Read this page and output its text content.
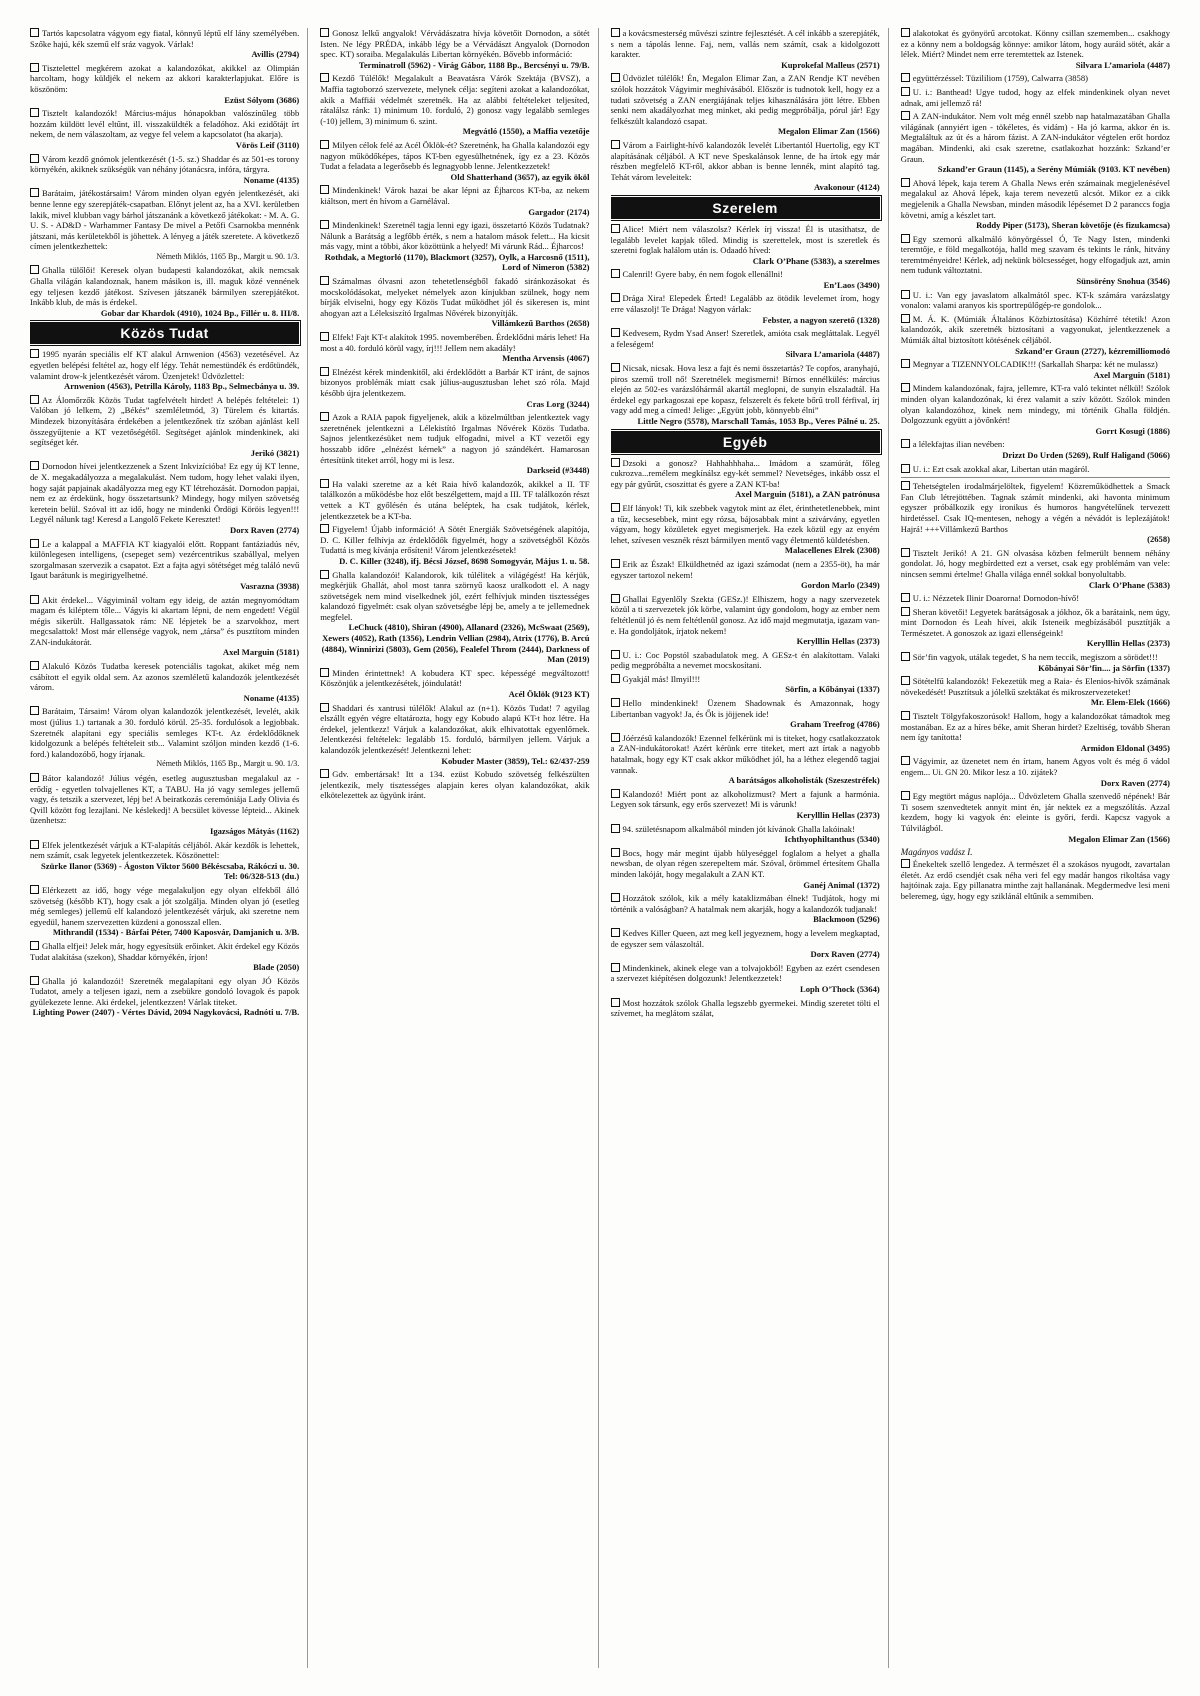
Tartós kapcsolatra vágyom egy fiatal, könnyű léptű elf lány személyében. Szőke hajú, kék szemű elf sráz vagyok. Várlak!
Avillis (2794)
Tisztelettel megkérem azokat a kalandozókat, akikkel az Olimpián harcoltam, hogy küldjék el nekem az akkori karakterlapjukat. Előre is köszönöm:
Ezüst Sólyom (3686)
Tisztelt kalandozók! Március-május hónapokban valószínűleg több hozzám küldött levél eltűnt, ill. visszaküldték a feladóhoz. Aki ezidőtájt írt nekem, de nem válaszoltam, az vegye fel velem a kapcsolatot (ha akarja).
Vörös Leif (3110)
Várom kezdő gnómok jelentkezését (1-5. sz.) Shaddar és az 501-es torony környékén, akiknek szükségük van néhány jótanácsra, infóra, tárgyra.
Noname (4135)
Barátaim, játékostársaim! Várom minden olyan egyén jelentkezését, aki benne lenne egy szerepjáték-csapatban. Előnyt jelent az, ha a XVI. kerületben lakik, mivel klubban vagy bárhol játszanánk a következő játékokat: - M. A. G. U. S. - AD&D - Warhammer Fantasy De mivel a Petőfi Csarnokba mennénk játszani, más kerületekből is jöhettek. A lényeg a játék szeretete. A következő címen jelentkezhettek:
Németh Miklós, 1165 Bp., Margit u. 90. 1/3.
Ghalla tülőlői! Keresek olyan budapesti kalandozókat, akik nemcsak Ghalla világán kalandoznak, hanem másikon is, ill. maguk közé vennének egy teljesen kezdő játékost. Szívesen játszanék bármilyen szerepjátékot. Inkább klub, de más is érdekel.
Gobar dar Khardok (4910), 1024 Bp., Fillér u. 8. III/8.
Közös Tudat
1995 nyarán speciális elf KT alakul Arnwenion (4563) vezetésével. Az egyetlen belépési feltétel az, hogy elf légy. Tehát nemestündék és erdőtündék, valamint drow-k jelentkezését várom. Üzenjetek! Üdvözlettel:
Arnwenion (4563), Petrilla Károly, 1183 Bp., Selmecbánya u. 39.
Az Álomőrzők Közös Tudat tagfelvételt hirdet! A belépés feltételei: 1) Valóban jó lelkem, 2) „Békés” szemléletmód, 3) Türelem és kitartás. Mindezek bizonyítására érdekében a jelentkezőnek tíz szóban ajánlást kell összegyűjtenie a KT vezetőségétől. Segítséget ajánlok mindenkinek, aki segítséget kér.
Jerikó (3821)
Dornodon hívei jelentkezzenek a Szent Inkvizícióba! Ez egy új KT lenne, de X. megakadályozza a megalakulást. Nem tudom, hogy lehet valaki ilyen, hogy saját papjainak akadályozza meg egy KT létrehozását. Dornodon papjai, nem ez az érdekünk, hogy összetartsunk? Mindegy, hogy milyen szövetség keretein belül. Szóval itt az idő, hogy ne mindenki Ördögi Köröis legyen!!! Legyél nálunk tag! Keresd a Langolő Fekete Keresztet!
Dorx Raven (2774)
Le a kalappal a MAFFIA KT kiagyalói előtt. Roppant fantáziadús név, különlegesen intelligens, (csepeget sem) vezércentrikus szabállyal, melyen szorgalmasan szervezik a csapatot. Ezt a fajta agyi sötétséget még találó nevű Igaut barátunk is megirigyelhetné.
Vasrazna (3938)
Akit érdekel... Vágyiminál voltam egy ideig, de aztán megnyomódtam magam és kiléptem tőle... Vágyis ki akartam lépni, de nem engedett! Végül mégis sikerült. Hallgassatok rám: NE lépjetek be a szarvokhoz, mert megcsalattok! Most már ellensége vagyok, nem „társa” és pusztítom minden ZAN-indukátorát.
Axel Marguin (5181)
Alakuló Közös Tudatba keresek potenciális tagokat, akiket még nem csábított el egyik oldal sem. Az azonos szemléletű kalandozók jelentkezését várom.
Noname (4135)
Barátaim, Társaim! Várom olyan kalandozók jelentkezését, levelét, akik most (július 1.) tartanak a 30. forduló körül. 25-35. fordulósok a legjobbak. Szeretnék alapítani egy speciális semleges KT-t. Az érdeklődőknek kidolgozunk a belépés feltételeit stb... Valamint szóljon minden kezdő (1-6. ford.) kalandozóbő, hogy írjanak.
Németh Miklós, 1165 Bp., Margit u. 90. 1/3.
Bátor kalandozó! Július végén, esetleg augusztusban megalakul az - erődíg - egyetlen tolvajellenes KT, a TABU. Ha jó vagy semleges jellemű vagy, és tetszik a szervezet, lépj be! A beiratkozás ceremóniája Lady Olivia és Qvill között fog lezajlani. Ne késlekedj! A becsület kövesse lépteid... Akinek üzenhetsz:
Igazságos Mátyás (1162)
Elfek jelentkezését várjuk a KT-alapítás céljából. Akár kezdők is lehettek, nem számít, csak legyetek jelentkezzetek. Köszönettel:
Szürke Ilanor (5369) - Ágoston Viktor 5600 Békéscsaba, Rákóczi u. 30. Tel: 06/328-513 (du.)
Elérkezett az idő, hogy vége megalakuljon egy olyan elfekből álló szövetség (később KT), hogy csak a jót szolgálja. Minden olyan jó (esetleg még semleges) jellemű elf kalandozó jelentkezését várjuk, aki szeretne nem egyedül, hanem szervezetten küzdeni a gonosszal ellen.
Mithrandil (1534) - Bárfai Péter, 7400 Kaposvár, Damjanich u. 3/B.
Ghalla elfjei! Jelek már, hogy egyesítsük erőinket. Akit érdekel egy Közös Tudat alakítása (szekon), Shaddar környékén, írjon!
Blade (2050)
Ghalla jó kalandozói! Szeretnék megalapítani egy olyan JÓ Közös Tudatot, amely a teljesen igazi, nem a zsebükre gondoló lovagok és papok gyülekezete lenne. Aki érdekel, jelentkezzen! Várlak titeket.
Lighting Power (2407) - Vértes Dávid, 2094 Nagykovácsi, Radnóti u. 7/B.
Gonosz lelkű angyalok! Vérvádászatra hívja követőit Dornodon, a sötét Isten. Ne légy PRÉDA, inkább légy be a Vérvádászt Angyalok (Dornodon spec. KT) soraiba. Megalakulás Libertan környékén. Bővebb információ:
Terminatroll (5962) - Virág Gábor, 1188 Bp., Bercsényi u. 79/B.
Kezdő Túlélők! Megalakult a Beavatásra Várók Szektája (BVSZ), a Maffia tagtoborzó szervezete, melynek célja: segíteni azokat a kalandozókat, akik a Maffiái védelmét szeretnék. Ha az alábbi feltételeket teljesíted, rátalálsz ránk: 1) minimum 10. forduló, 2) gonosz vagy legalább semleges (-10) jellem, 3) minimum 6. szint.
Megvátló (1550), a Maffia vezetője
Milyen célok felé az Acél Öklök-ét? Szeretnénk, ha Ghalla kalandozói egy nagyon működőképes, tápos KT-ben egyesülhetnének, így ez a 23. Közös Tudat a feladata a legerősebb és legnagyobb lenne. Jelentkezzetek!
Old Shatterhand (3657), az egyik ököl
Mindenkinek! Várok hazai be akar lépni az Éjharcos KT-ba, az nekem kiáltson, mert én hívom a Garnélával.
Gargador (2174)
Mindenkinek! Szeretnél tagja lenni egy igazi, összetartó Közös Tudatnak? Nálunk a Barátság a legfőbb érték, s nem a hatalom mások felett... Ha kicsit más vagy, mint a többi, ákor közöttünk a helyed! Mi várunk Rád... Éjharcos!
Rothdak, a Megtorló (1170), Blackmort (3257), Oylk, a Harcosnő (1511), Lord of Nimeron (5382)
Számalmas ólvasni azon tehetetlenségből fakadó siránkozásokat és mocskolódásokat, melyeket némelyek azon kínjukban szülnek, hogy nem bírják elviselni, hogy egy Közös Tudat működhet jól és sikeresen is, mint ahogyan azt a Léleksiszító Irgalmas Nővérek bizonyítják.
Villámkezű Barthos (2658)
Elfek! Fajt KT-t alakítok 1995. novemberében. Érdeklődni máris lehet! Ha most a 40. forduló körül vagy, írj!!! Jellem nem akadály!
Mentha Arvensis (4067)
Elnézést kérek mindenkitől, aki érdeklődött a Barbár KT iránt, de sajnos bizonyos problémák miatt csak július-augusztusban lehet szó róla. Majd később újra jelentkezem.
Cras Lorg (3244)
Azok a RAIA papok figyeljenek, akik a közelmúltban jelentkeztek vagy szeretnének jelentkezni a Lélekistító Irgalmas Nővérek Közös Tudatba. Sajnos jelentkezésüket nem tudjuk elfogadni, mivel a KT vezetői egy hosszabb időre „elnézést kérnek” a nagyon jó szándékért. Hamarosan értesítünk titeket arról, hogy mi is lesz.
Darkseid (#3448)
Ha valaki szeretne az a két Raia hívő kalandozók, akikkel a II. TF találkozón a működésbe hoz előt beszélgettem, majd a III. TF találkozón részt vettek a KT győlésén és utána beléptek, ha csak tudjátok, kérlek, jelentkezzetek be a KT-ba.
Figyelem! Újabb információ! A Sötét Energiák Szövetségének alapítója, D. C. Killer felhívja az érdeklődők figyelmét, hogy a szövetségből Közös Tudattá is meg kívánja erősíteni! Várom jelentkezésetek!
D. C. Killer (3248), ifj. Bécsi József, 8698 Somogyvár, Május 1. u. 58.
Ghalla kalandozói! Kalandorok, kik túlélitek a világégést! Ha kérjük, megkérjük Ghallát, ahol most tanra szörnyű kaosz uralkodott el. A nagy szövetségek nem mind viselkednek jól, ezért felhívjuk minden tisztességes kalandozó figyelmét: csak olyan szövetségbe lépj be, amely a te jellemednek megfelel.
LeChuck (4810), Shiran (4900), Allanard (2326), McSwaat (2569), Xewers (4052), Rath (1356), Lendrin Vellian (2984), Atrix (1776), B. Arcú (4884), Winnirizi (5803), Gem (2056), Fealefel Throm (2444), Darkness of Man (2019)
Minden érintettnek! A kobudera KT spec. képességé megváltozott! Köszönjük a jelentkezésétek, jóindulatát!
Acél Öklök (9123 KT)
Shaddari és xantrusi túlélők! Alakul az (n+1). Közös Tudat! 7 agyilag elszállt egyén végre eltatározta, hogy egy Kobudo alapú KT-t hoz létre. Ha érdekel, jelentkezz! Várjuk a kalandozókat, akik elhivatottak egyenlőrnek. Jelentkezési feltételek: legalább 15. forduló, bármilyen jellem. Várjuk a kalandozók jelentkezését! Jelentkezni lehet:
Kobuder Master (3859), Tel.: 62/437-259
Gdv. embertársak! Itt a 134. ezüst Kobudo szövetség felkészülten jelentkezik, mely tisztességes alapjain keres olyan kalandozókat, akik elkötelezettek az ügyünk iránt.
a kovácsmesterség művészi szintre fejlesztését. A cél inkább a szerepjáték, s nem a tápolás lenne. Faj, nem, vallás nem számít, csak a kidolgozott karakter.
Kuprokefal Malleus (2571)
Üdvözlet túlélők! Én, Megalon Elimar Zan, a ZAN Rendje KT nevében szólok hozzátok Vágyimir meghívásából. Először is tudnotok kell, hogy ez a tudati szövetség a ZAN energiájának teljes kihasználására jött létre. Ebben senki nem akadályozhat meg minket, aki pedig megpróbálja, pórul jár! Egy felkészült kalandozó csapat.
Megalon Elimar Zan (1566)
Várom a Fairlight-hívő kalandozók levelét Libertantól Huertolig, egy KT alapításának céljából. A KT neve Speskalánsok lenne, de ha írtok egy már részben megfelelő KT-ről, akkor abban is benne lennék, mint alapító tag. Tehát várom leveleitek:
Avakonour (4124)
Szerelem
Alice! Miért nem válaszolsz? Kérlek írj vissza! Él is utasíthatsz, de legalább levelet kapjak tőled. Mindig is szerettelek, most is szeretlek és szeretni foglak halálom után is. Odaadó híved:
Clark O’Phane (5383), a szerelmes
Calenril! Gyere baby, én nem fogok ellenállni!
En’Laos (3490)
Drága Xira! Elepedek Érted! Legalább az ötödik levelemet írom, hogy erre válaszolj! Te Drága! Nagyon várlak:
Febster, a nagyon szerető (1328)
Kedvesem, Rydm Ysad Anser! Szeretlek, amióta csak megláttalak. Legyél a feleségem!
Silvara L’amariola (4487)
Nicsak, nicsak. Hova lesz a fajt és nemi összetartás? Te copfos, aranyhajú, piros szemű troll nő! Szeretnélek megismerni! Bírnos ennélkülés: március elején az 502-es varázslóhármál akartál meglopni, de sunyin elszaladtál. Ha érdekel egy parkagoszai epe kopasz, felszerelt és fekete bőrű troll férfival, írj vagy add meg a címed! Jelige: „Együtt jobb, könnyebb élni”
Little Negro (5578), Marschall Tamás, 1053 Bp., Veres Pálné u. 25.
Egyéb
Dzsoki a gonosz? Hahhahhhaha... Imádom a szamúrát, főleg cukrozva...remélem megkínálsz egy-két semmel? Nevetséges, inkább ossz el egy pár gyűrűt, csoszittat és gyere a ZAN KT-ba!
Axel Marguin (5181), a ZAN patrónusa
Elf lányok! Ti, kik szebbek vagytok mint az élet, érinthetetlenebbek, mint a tűz, kecsesebbek, mint egy rózsa, bájosabbak mint a szivárvány, egyetlen vágyam, hogy közületek egyet megismerjek. Ha ezek közül egy az enyém lehet, szívesen vesznék részt bármilyen mentő vagy életmentő küldetésben.
Malacellenes Elrek (2308)
Erik az Észak! Elküldhetnéd az igazi számodat (nem a 2355-öt), ha már egyszer tartozol nekem!
Gordon Marlo (2349)
Ghallai Egyenlőly Szekta (GESz.)! Elhiszem, hogy a nagy szervezetek közül a ti szervezetek jók körbe, valamint úgy gondolom, hogy az ember nem feltétlenül jó és nem feltétlenül gonosz. Az idő majd megmutatja, igazam van-e. Ha gondoljátok, írjatok nekem!
Kerylllin Hellas (2373)
U. i.: Coc Popstól szabadulatok meg. A GESz-t én alakítottam. Valaki pedig megpróbálta a nevemet mocskosítani.
Gyakjál más! Ilmyil!!!
Sörfin, a Kőbányai (1337)
Hello mindenkinek! Üzenem Shadownak és Amazonnak, hogy Libertanban vagyok! Ja, és Ők is jöjjenek ide!
Graham Treefrog (4786)
Jóérzésű kalandozók! Ezennel felkérünk mi is titeket, hogy csatlakozzatok a ZAN-indukátorokat! Azért kérünk erre titeket, mert azt írtak a nagyobb hatalmak, hogy egy KT csak akkor működhet jól, ha a léthez elegendő tagjai vannak.
A barátságos alkoholisták (Szeszestréfek)
Kalandozó! Miért pont az alkoholizmust? Mert a fajunk a harmónia. Legyen sok társunk, egy erős szervezet! Mi is várunk!
Kerylllin Hellas (2373)
94. születésnapom alkalmából minden jót kívánok Ghalla lakóinak!
Ichthyophiltanthus (5340)
Bocs, hogy már megint újabb hülyeséggel foglalom a helyet a ghalla newsban, de olyan régen szerepeltem már. Szóval, örömmel értesítem Ghalla minden lakóját, hogy megalakult a ZAN KT.
Ganéj Animal (1372)
Hozzátok szólok, kik a mély kataklizmában élnek! Tudjátok, hogy mi történik a valóságban? A hatalmak nem akarják, hogy a kalandozók tudjanak!
Blackmoon (5296)
Kedves Killer Queen, azt meg kell jegyeznem, hogy a levelem megkaptad, de egyszer sem válaszoltál.
Dorx Raven (2774)
Mindenkinek, akinek elege van a tolvajokból! Egyben az ezért csendesen a szervezet kiépítésen dolgozunk! Jelentkezzetek!
Loph O’Thock (5364)
Most hozzátok szólok Ghalla legszebb gyermekei. Mindig szeretet tölti el szívemet, ha meglátom szálat,
alakotokat és gyönyörű arcotokat. Könny csillan szememben... csakhogy ez a könny nem a boldogság könnye: amikor látom, hogy auráid sötét, akár a lélek. Miért? Mindet nem erre teremtettek az Istenek.
Silvara L’amariola (4487)
együttérzéssel: Tüzililiom (1759), Calwarra (3858)
U. i.: Banthead! Ugye tudod, hogy az elfek mindenkinek olyan nevet adnak, ami jellemző rá!
A ZAN-indukátor. Nem volt még ennél szebb nap hatalmazatában Ghalla világának (annyiért igen - tökéletes, és vidám) - Ha jó karma, akkor én is. Megtaláltuk az út és a három fázist. A ZAN-indukátor végtelen erőt hordoz magában. Mindenki, aki csak szeretne, csatlakozhat hozzánk: Szkand’er Graun.
Szkand’er Graun (1145), a Serény Múmiák (9103. KT nevében)
Ahová lépek, kaja terem A Ghalla News erén számainak megjelenésével megalakul az Ahová lépek, kaja terem nevezetű alcsót. Mikor ez a cikk megjelenik a Ghalla Newsban, minden második lépésemet D 2 paranccs fogja követni, amíg a készlet tart.
Roddy Piper (5173), Sheran követője (és fizukamcsa)
Egy szemorú alkalmáló könyörgéssel Ó, Te Nagy Isten, mindenki teremtője, e föld megalkotója, halld meg szavam és tekints le ránk, hitvány teremtményeidre! Kérlek, adj nekünk bölcsességet, hogy elfogadjuk azt, amin nem tudunk változtatni.
Sünsörény Snohua (3546)
U. i.: Van egy javaslatom alkalmától spec. KT-k számára varázslatgy vonalon: valami aranyos kis sportrepülőgép-re gondolok...
M. Á. K. (Múmiák Általános Közbiztosítása) Közhírré tétetik! Azon kalandozók, akik szeretnék biztosítani a vagyonukat, jelentkezzenek a Múmiák által biztosított kötésének céljából.
Szkand’er Graun (2727), kézremilliomodó
Megnyar a TIZENNYOLCADIK!!! (Sarkallah Sharpa: két ne mulassz)
Axel Marguin (5181)
Mindem kalandozónak, fajra, jellemre, KT-ra való tekintet nélkül! Szólok minden olyan kalandozónak, ki érez valamit a szív között. Szólok minden olyan kalandozóhoz, kinek nem mindegy, mi történik Ghalla földjén. Dolgozzunk együtt a jövőnkért!
Gorrt Kosugi (1886)
a lélekfajtas ilian nevében:
Drizzt Do Urden (5269), Rulf Haligand (5066)
U. i.: Ezt csak azokkal akar, Libertan után magáról.
Tehetségtelen irodalmárjelöltek, figyelem! Közreműködhettek a Smack Fan Club létrejöttében. Tagnak számít mindenki, aki havonta minimum egyszer próbálkozik egy ironikus és humoros hangvételűnek tervezett hirdetéssel. Csak IQ-mentesen, nehogy a végén a névádót is leplezájátok! Hajrá! +++Villámkezű Barthos
(2658)
Tisztelt Jerikó! A 21. GN olvasása közben felmerült bennem néhány gondolat. Jó, hogy megbírdetted ezt a verset, csak egy problémám van vele: nincsen semmi értelme! Ghalla világa ennél sokkal bonyolultabb.
Clark O’Phane (5383)
U. i.: Nézzetek Ilinir Doarorna! Dornodon-hívő!
Sheran követői! Legyetek barátságosak a jókhoz, ők a barátaink, nem úgy, mint Dornodon és Leah hívei, akik Isteneik megbízásából pusztítják a Természetet. A gonoszok az igazi ellenségeink!
Kerylllin Hellas (2373)
Sör’fin vagyok, utálak tegedet, S ha nem teccik, megiszom a sörödet!!!
Kőbányai Sör’fin.... ja Sörfin (1337)
Sötételfű kalandozók! Fekezetük meg a Raia- és Elenios-hívők számának növekedését! Pusztítsuk a jólelkű szektákat és mikroszervezeteket!
Mr. Elem-Elek (1666)
Tisztelt Tölgyfakoszorúsok! Hallom, hogy a kalandozókat támadtok meg mostanában. Ez az a híres béke, amit Sheran hirdet? Ezeltiség, tovább Sheran nem így tanította!
Armidon Eldonal (3495)
Vágyimir, az üzenetet nem én írtam, hanem Agyos volt és még ő vádol engem... Ui. GN 20. Mikor lesz a 10. zijátek?
Dorx Raven (2774)
Egy megtört mágus naplója... Üdvözletem Ghalla szenvedő népének! Bár Ti sosem szenvedtetek annyit mint én, jár nektek ez a megszólítás. Azzal kezdem, hogy ki vagyok én: eleinte is győri, ferdi. Kapcsz vagyok a Túlvilágból.
Megalon Elimar Zan (1566)
Magányos vadász I.
Énekeltek szellő lengedez. A természet él a szokásos nyugodt, zavartalan életét. Az erdő csendjét csak néha veri fel egy madár hangos rikoltása vagy hajtóinak zaja. Egy pillanatra minthe zajt hallanának. Megdermedve lesi meni beleremeg, úgy, hogy egy sziklánál eltűnik a semmiben.
